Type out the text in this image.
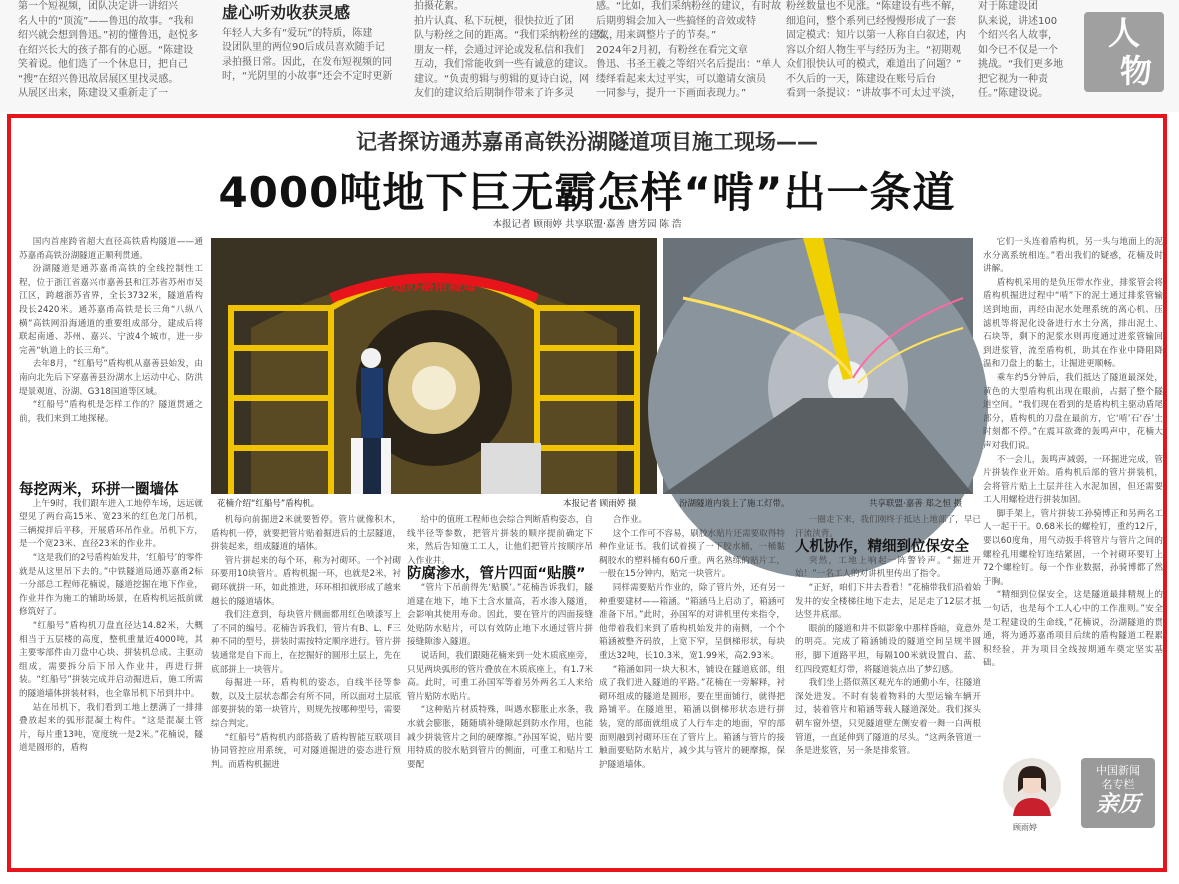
第一个短视频，团队决定讲一讲绍兴

名人中的“顶流”——鲁迅的故事。“我和

绍兴就会想到鲁迅。”初的懂鲁迅，赵悦多

在绍兴长大的孩子都有的心愿。“陈建设

笑着说。他们选了一个休息日，把自己

“搜”在绍兴鲁迅故居展区里找灵感。

从展区出来，陈建设又重新走了一

虚心听劝收获灵感

年轻人大多有“爱玩”的特质，陈建

设团队里的两位90后成员喜欢随手记

录拍摄日常。因此，在发布短视频的同

时，“光阴里的小故事”还会不定时更新

拍摄花絮。

拍片认真、私下玩梗，很快拉近了团

队与粉丝之间的距离。“我们采纳粉丝的建议，

朋友一样，会通过评论或发私信和我们

互动，我们常能收到一些有诚意的建议。

建议。“负责剪辑与剪辑的夏诗白说，网

友们的建议给后期制作带来了许多灵

感。“比如，我们采纳粉丝的建议，有时故

后期剪辑会加入一些搞怪的音效或特

效，用来调整片子的节奏。”

2024年2月初，有粉丝在看完文章

鲁迅、书圣王羲之等绍兴名后提出：“单人

缕绎看起来太过平实，可以邀请女演员

一同参与，提升一下画面表现力。”

粉丝数量也不见涨。“陈建设有些不解，

细追问，整个系列已经慢慢形成了一套

固定模式：知片以第一人称自白叙述，内

容以介绍人物生平与经历为主。“初期观

众们很快认可的模式，难道出了问题？”

不久后的一天，陈建设在账号后台

看到一条提议：“讲故事不可太过平淡，

对于陈建设团

队来说，讲述100

个绍兴名人故事，

如今已不仅是一个

挑战。“我们更多地

把它视为一种责

任。”陈建设说。

人
物
记者探访通苏嘉甬高铁汾湖隧道项目施工现场——
4000吨地下巨无霸怎样“啃”出一条道
本报记者 顾雨婷 共享联盟·嘉善 唐芳园 陈 浩

国内首座跨省超大直径高铁盾构隧道——通苏嘉甬高铁汾湖隧道正顺利贯通。

汾湖隧道是通苏嘉甬高铁的全线控制性工程，位于浙江省嘉兴市嘉善县和江苏省苏州市吴江区，跨越浙苏省界，全长3732米，隧道盾构段长2420米。通苏嘉甬高铁是长三角“八纵八横”高铁网沿海通道的重要组成部分，建成后将联起南通、苏州、嘉兴、宁波4个城市，进一步完善“轨道上的长三角”。

去年8月，“红船号”盾构机从嘉善县始发，由南向北先后下穿嘉善县汾湖水上运动中心、防洪堤景观道、汾湖、G318国道等区域。

“红船号”盾构机是怎样工作的？隧道贯通之前，我们来到工地探秘。

每挖两米，环拼一圈墙体

上午9时，我们跟车进入工地停车场，远远就望见了两台高15米、宽23米的红色龙门吊机，三辆搅拌后平移，开展盾环吊作业。吊机下方，是一个宽23米、直径23米的作业井。

“这是我们的2号盾构始发井，‘红船号’的零件就是从这里吊下去的。”中铁隧道局通苏嘉甬2标一分部总工程师花楠说，隧道挖掘在地下作业，作业井作为施工的辅助场景，在盾构机运抵前就修筑好了。

“红船号”盾构机刀盘直径达14.82米，大概相当于五层楼的高度，整机重量近4000吨，其主要零部件由刀盘中心块、拼装机总成、主驱动组成，需要拆分后下吊入作业井，再进行拼装。“红船号”拼装完成并启动掘进后，施工所需的隧道墙体拼装材料，也全靠吊机下吊到井中。

站在吊机下，我们看到工地上摆满了一排排叠放起来的弧形混凝土构件。“这是混凝土管片，每片重13吨，宽度统一是2米。”花楠说，隧道是圆形的，盾构

通苏嘉甬隧道
花楠介绍“红船号”盾构机。	本报记者 顾雨婷 摄	汾湖隧道内装上了施工灯带。	共享联盟·嘉善 郑之恒 摄

机每向前掘进2米就要暂停。管片就像积木，盾构机一停，就要把管片贴着掘进后的土层隧道，拼装起来，组成隧道的墙体。

管片拼起来的每个环，称为衬砌环。一个衬砌环要用10块管片。盾构机掘一环，也就是2米，衬砌环就拼一环，如此推进，环环相扣就形成了越来越长的隧道墙体。

我们注意到，每块管片侧面都用红色喷漆写上了不同的编号。花楠告诉我们，管片有B、L、F三种不同的型号，拼装时需按特定顺序进行。管片拼装通常是自下而上，在挖掘好的圆形土层上，先在底部拼上一块管片。

每掘进一环，盾构机的姿态，自线半径等参数，以及土层状态都会有所不同，所以面对土层底部要拼装的第一块管片，则规先按哪种型号，需要综合判定。

“红船号”盾构机内部搭载了盾构智能互联项目协同管控应用系统，可对隧道掘进的姿态进行预判。而盾构机掘进

给中的值班工程师也会综合判断盾构姿态，自线半径等参数，把管片拼装的顺序提前确定下来，然后告知施工工人，让他们把管片按顺序吊入作业井。

防腐渗水，管片四面“贴膜”

“管片下吊前得先‘贴膜’。”花楠告诉我们，隧道建在地下，地下土含水量高，若水渗入隧道，会影响其使用寿命。因此，要在管片的四面接缝处贴防水贴片，可以有效防止地下水通过管片拼接缝隙渗入隧道。

说话间，我们跟随花楠来到一处木质底座旁，只见两块弧形的管片叠放在木质底座上，有1.7米高。此时，可重工孙国军等着另外两名工人来给管片贴防水贴片。

“这种贴片材质特殊，叫遇水膨胀止水条，我水就会膨胀，随随填补缝隙起到防水作用，也能减少拼装管片之间的硬摩擦。”孙国军说，贴片要用特质的胶水贴到管片的侧面，可重工和贴片工要配

合作业。

这个工作可不容易，刷胶水贴片还需要取得特种作业证书。我们试着摸了一下胶水桶，一桶黏稠胶水的塑料桶有60斤重。两名熟练的贴片工，一般在15分钟内，贴完一块管片。

同样需要贴片作业的，除了管片外，还有另一种重要建材——箱涵。“箱涵马上启动了，箱涵可准备下吊。”此时，孙国军的对讲机里传来指令，他带着我们来到了盾构机始发井的南侧，一个个箱涵被整齐码放，上宽下窄，呈倒梯形状，每块重达32吨，长10.3米，宽1.99米，高2.93米。

“箱涵如同一块大积木，铺设在隧道底部，组成了我们进入隧道的平路。”花楠在一旁解释，衬砌环组成的隧道是圆形，要在里面铺行，就得把路铺平。在隧道里，箱涵以倒梯形状态进行拼装，宽的部面就组成了人行车走的地面，窄的部面则融到衬砌环压在了管片上。箱涵与管片的接触面要贴防水贴片，减少其与管片的硬摩擦，保护隧道墙体。

一圈走下来，我们刚终于抵达上地部了，早已汗流浃背。

人机协作，精细到位保安全

突然，工地上响起一阵警铃声。“掘进开始！”一名工人的对讲机里传出了指令。

“正好，咱们下井去看看！”花楠带我们沿着始发井的安全楼梯往地下走去，足足走了12层才抵达竖井底部。

眼前的隧道和井不似影象中那样昏暗，竟意外的明亮。完成了箱涵铺设的隧道空间呈规半圆形，脚下道路平坦，每隔100米就设置白、蓝、红四段霓虹灯带，将隧道装点出了梦幻感。

我们坐上搭似蒸区观光车的通勤小车，往隧道深处进发。不时有装着物料的大型运输车辆开过，装着管片和箱涵等载人隧道深处。我们探头朝车窗外望，只见隧道壁左侧安着一舞一白两根管道，一直延伸到了隧道的尽头。“这两条管道一条是进浆管，另一条是排浆管。

它们一头连着盾构机，另一头与地面上的泥水分离系统相连。”看出我们的疑惑，花楠及时讲解。

盾构机采用的是负压带水作业，排浆管会将盾构机掘进过程中“啃”下的泥土通过排浆管输送到地面，再经由泥水处理系统的离心机、压滤机等将泥化设备进行水土分离，排出泥土、石块等，剩下的泥浆水则再度通过进浆管输回到进浆管，流至盾构机，助其在作业中降阻降温和刀盘上的黏土，让掘进更顺畅。

乘车约5分钟后，我们抵达了隧道最深处，黄色的大型盾构机出现在眼前，占据了整个隧道空间。“我们现在看到的是盾构机主驱动盾尾部分，盾构机的刀盘在最前方，它‘啃’石‘吞’土时刻都不停。”在震耳欲聋的轰鸣声中，花楠大声对我们说。

不一会儿，轰鸣声减弱，一环掘进完成，管片拼装作业开始。盾构机后部的管片拼装机，会将管片贴上土层并往入水泥加固，但还需要工人用螺栓进行拼装加固。

脚手架上，管片拼装工孙骑博正和另两名工人一起干干。0.68米长的螺栓钉，重约12斤，要以60度角，用气动扳手将管片与管片之间的螺栓孔用螺栓钉连结紧固，一个衬砌环要钉上72个螺栓钉。每一个作业数据，孙骑博都了然于胸。

“精细到位保安全，这是隧道最排精规上的一句话，也是每个工人心中的工作准则。”安全是工程建设的生命线，”花楠说，汾湖隧道的贯通，将为通苏嘉甬项目后续的盾构隧道工程累积经验，并为项目全线按期通车奠定坚实基础。

顾雨婷
中国新闻
名专栏
亲历
